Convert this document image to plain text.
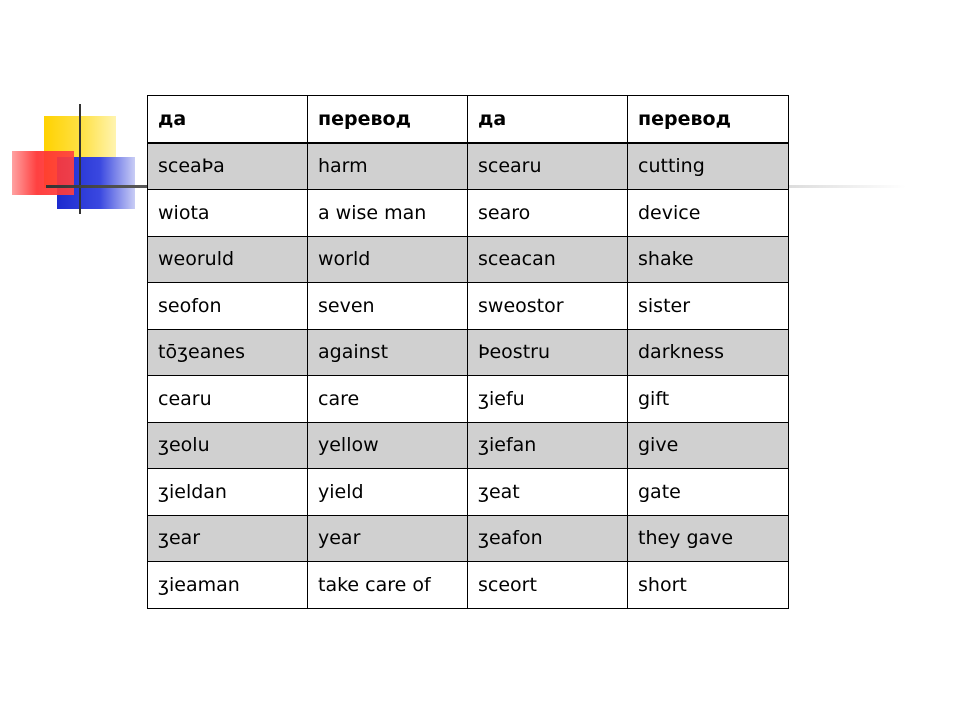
да	перевод	да	перевод
sceaÞa	harm	scearu	cutting
wiota	a wise man	searo	device
weoruld	world	sceacan	shake
seofon	seven	sweostor	sister
tōʒeanes	against	Þeostru	darkness
cearu	care	ʒiefu	gift
ʒeolu	yellow	ʒiefan	give
ʒieldan	yield	ʒeat	gate
ʒear	year	ʒeafon	they gave
ʒieaman	take care of	sceort	short
